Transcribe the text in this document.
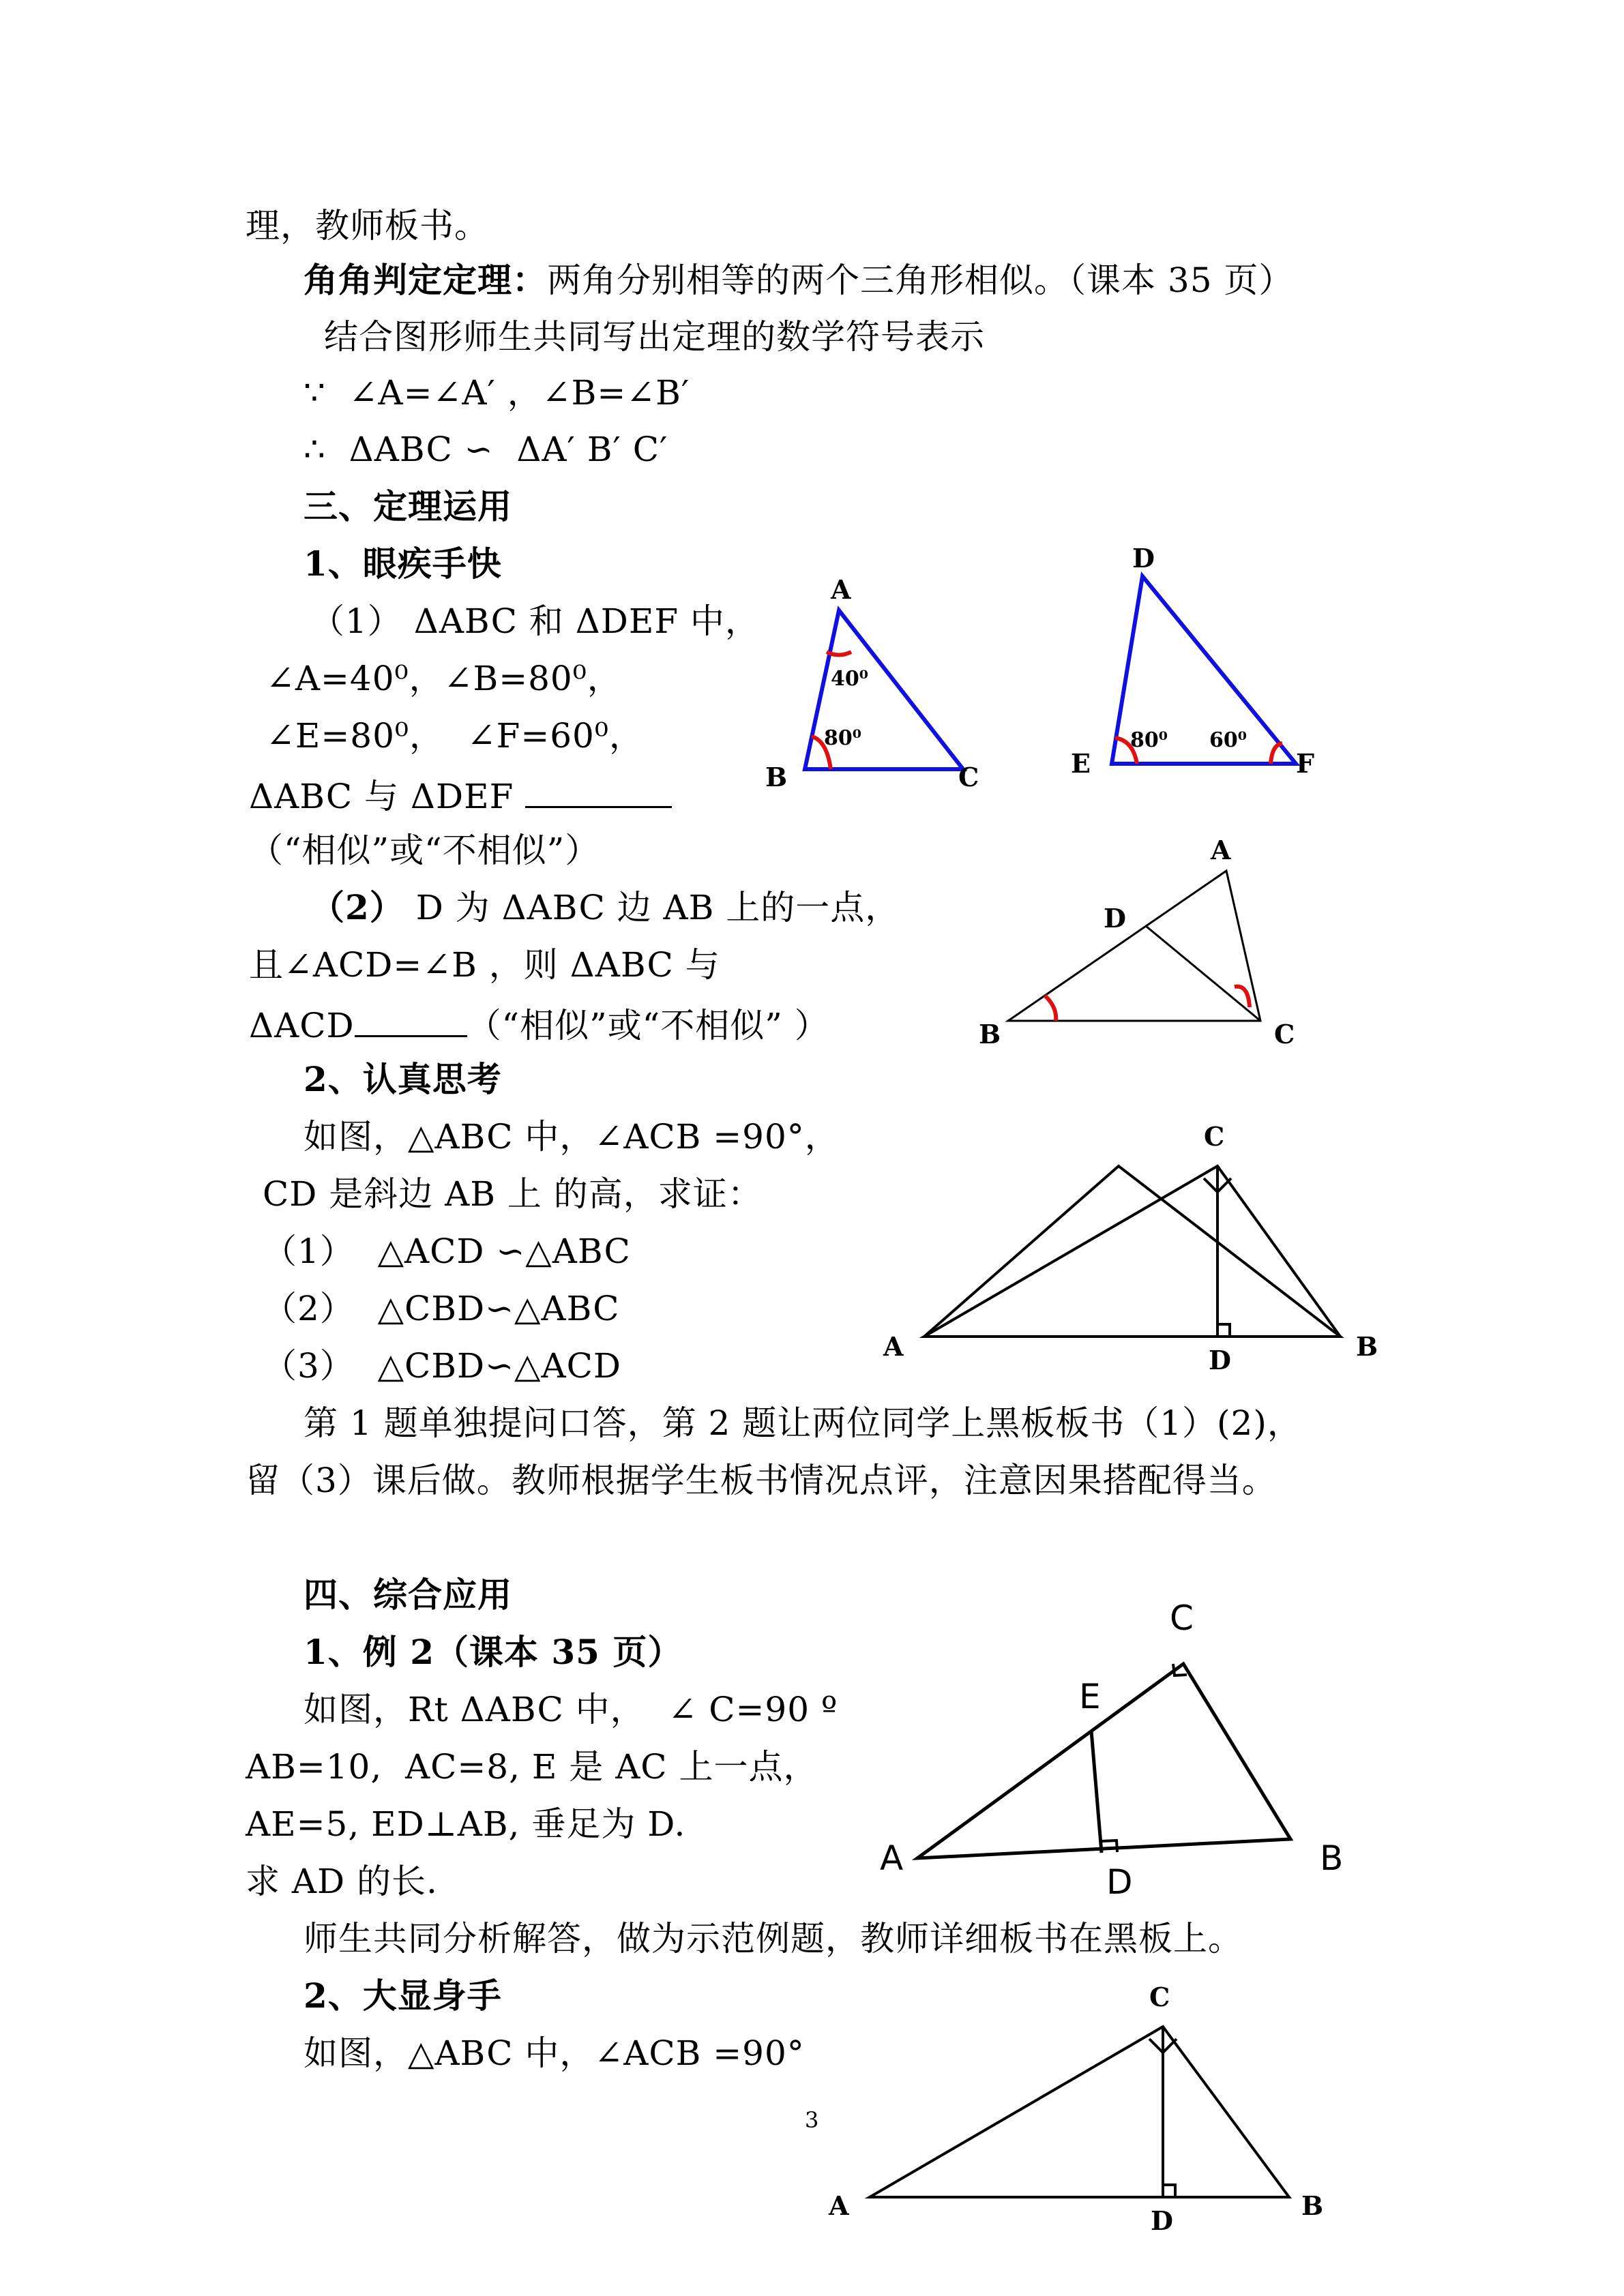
理，教师板书。
角角判定定理：两角分别相等的两个三角形相似。（课本 35 页）
结合图形师生共同写出定理的数学符号表示
∵  ∠A=∠A′ ，∠B=∠B′
∴  ΔABC ∽  ΔA′ B′ C′
三、定理运用
1、眼疾手快
（1） ΔABC 和 ΔDEF 中，
∠A=40⁰，∠B=80⁰，
∠E=80⁰，  ∠F=60⁰，
ΔABC 与 ΔDEF
（“相似”或“不相似”）
（2） D 为 ΔABC 边 AB 上的一点，
且∠ACD=∠B ，则 ΔABC 与
ΔACD	（“相似”或“不相似” ）
2、认真思考
如图，△ABC 中，∠ACB =90°，
CD 是斜边 AB 上 的高，求证：
（1）  △ACD ∽△ABC
（2）  △CBD∽△ABC
（3）  △CBD∽△ACD
第 1 题单独提问口答，第 2 题让两位同学上黑板板书（1）(2)，
留（3）课后做。教师根据学生板书情况点评，注意因果搭配得当。
四、综合应用
1、例 2（课本 35 页）
如图，Rt ΔABC 中，  ∠ C=90 º
AB=10,  AC=8, E 是 AC 上一点，
AE=5, ED⊥AB, 垂足为 D.
求 AD 的长.
师生共同分析解答，做为示范例题，教师详细板书在黑板上。
2、大显身手
如图，△ABC 中，∠ACB =90°
3
A
B	C
40⁰
80⁰
D
E	F
80⁰ 60⁰
A
D
B	C
C
A	D	B
C
E
A
D
B
C
A	D	B
